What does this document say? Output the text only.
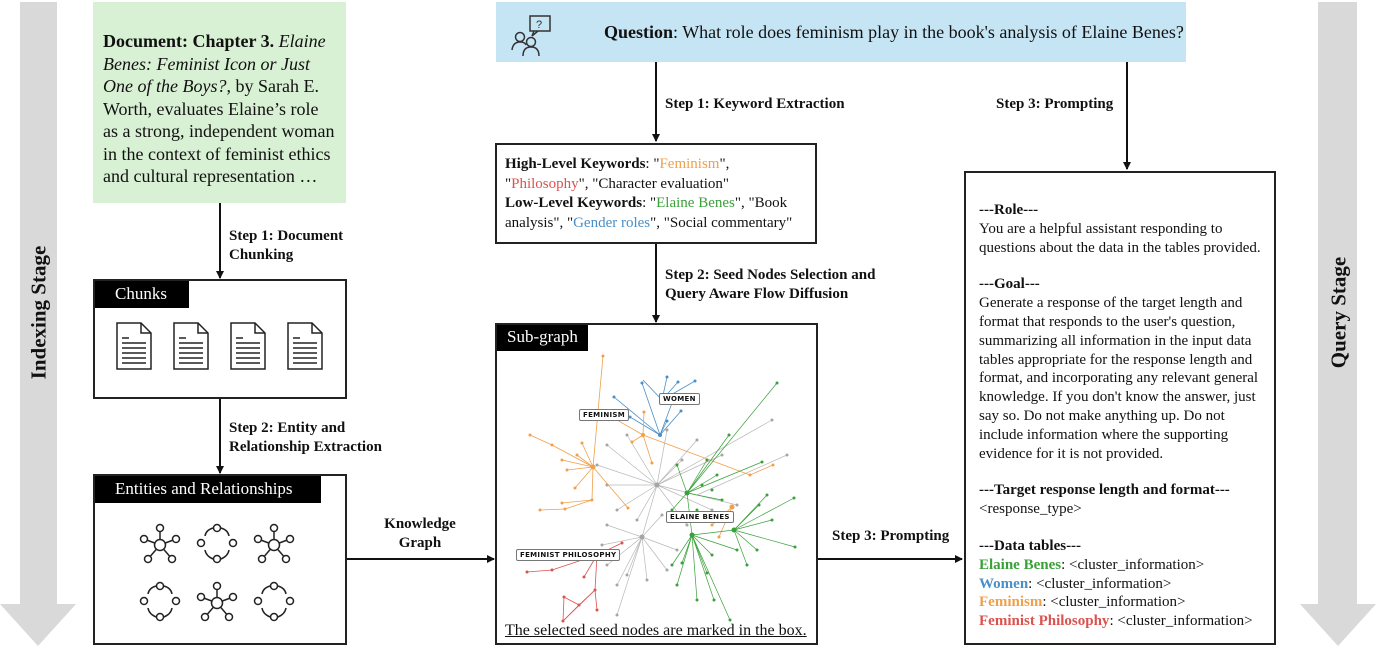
Indexing Stage	Query Stage
Document: Chapter 3. Elaine Benes: Feminist Icon or Just One of the Boys?, by Sarah E. Worth, evaluates Elaine’s role as a strong, independent woman in the context of feminist ethics and cultural representation …
Step 1: Document
Chunking
Step 2: Entity and
Relationship Extraction
Chunks
Entities and Relationships
Knowledge
Graph
?	Question: What role does feminism play in the book's analysis of Elaine Benes?
Step 1: Keyword Extraction	Step 3: Prompting
Step 2: Seed Nodes Selection and
Query Aware Flow Diffusion
Step 3: Prompting
High-Level Keywords: "Feminism", "Philosophy", "Character evaluation"
Low-Level Keywords: "Elaine Benes", "Book analysis", "Gender roles", "Social commentary"
Sub-graph
WOMEN
FEMINISM
ELAINE BENES
FEMINIST PHILOSOPHY
The selected seed nodes are marked in the box.
---Role---
You are a helpful assistant responding to questions about the data in the tables provided.
---Goal---
Generate a response of the target length and format that responds to the user's question, summarizing all information in the input data tables appropriate for the response length and format, and incorporating any relevant general knowledge. If you don't know the answer, just say so. Do not make anything up. Do not include information where the supporting evidence for it is not provided.
---Target response length and format---
<response_type>
---Data tables---

Elaine Benes: <cluster_information>
Women: <cluster_information>
Feminism: <cluster_information>
Feminist Philosophy: <cluster_information>
